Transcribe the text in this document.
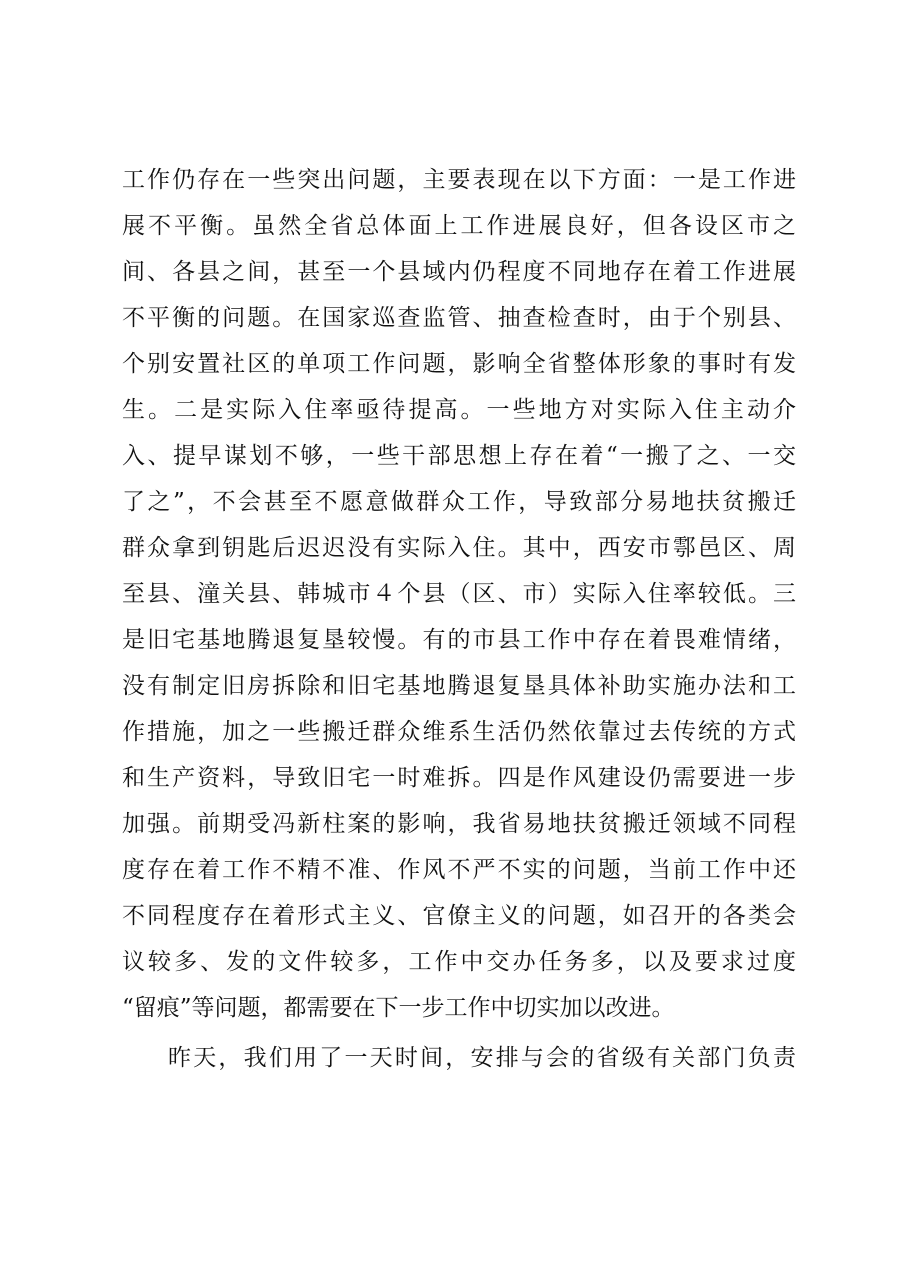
工作仍存在一些突出问题，主要表现在以下方面：一是工作进
展不平衡。虽然全省总体面上工作进展良好，但各设区市之
间、各县之间，甚至一个县域内仍程度不同地存在着工作进展
不平衡的问题。在国家巡查监管、抽查检查时，由于个别县、
个别安置社区的单项工作问题，影响全省整体形象的事时有发
生。二是实际入住率亟待提高。一些地方对实际入住主动介
入、提早谋划不够，一些干部思想上存在着“一搬了之、一交
了之”，不会甚至不愿意做群众工作，导致部分易地扶贫搬迁
群众拿到钥匙后迟迟没有实际入住。其中，西安市鄠邑区、周
至县、潼关县、韩城市４个县（区、市）实际入住率较低。三
是旧宅基地腾退复垦较慢。有的市县工作中存在着畏难情绪，
没有制定旧房拆除和旧宅基地腾退复垦具体补助实施办法和工
作措施，加之一些搬迁群众维系生活仍然依靠过去传统的方式
和生产资料，导致旧宅一时难拆。四是作风建设仍需要进一步
加强。前期受冯新柱案的影响，我省易地扶贫搬迁领域不同程
度存在着工作不精不准、作风不严不实的问题，当前工作中还
不同程度存在着形式主义、官僚主义的问题，如召开的各类会
议较多、发的文件较多，工作中交办任务多，以及要求过度
“留痕”等问题，都需要在下一步工作中切实加以改进。
昨天，我们用了一天时间，安排与会的省级有关部门负责
